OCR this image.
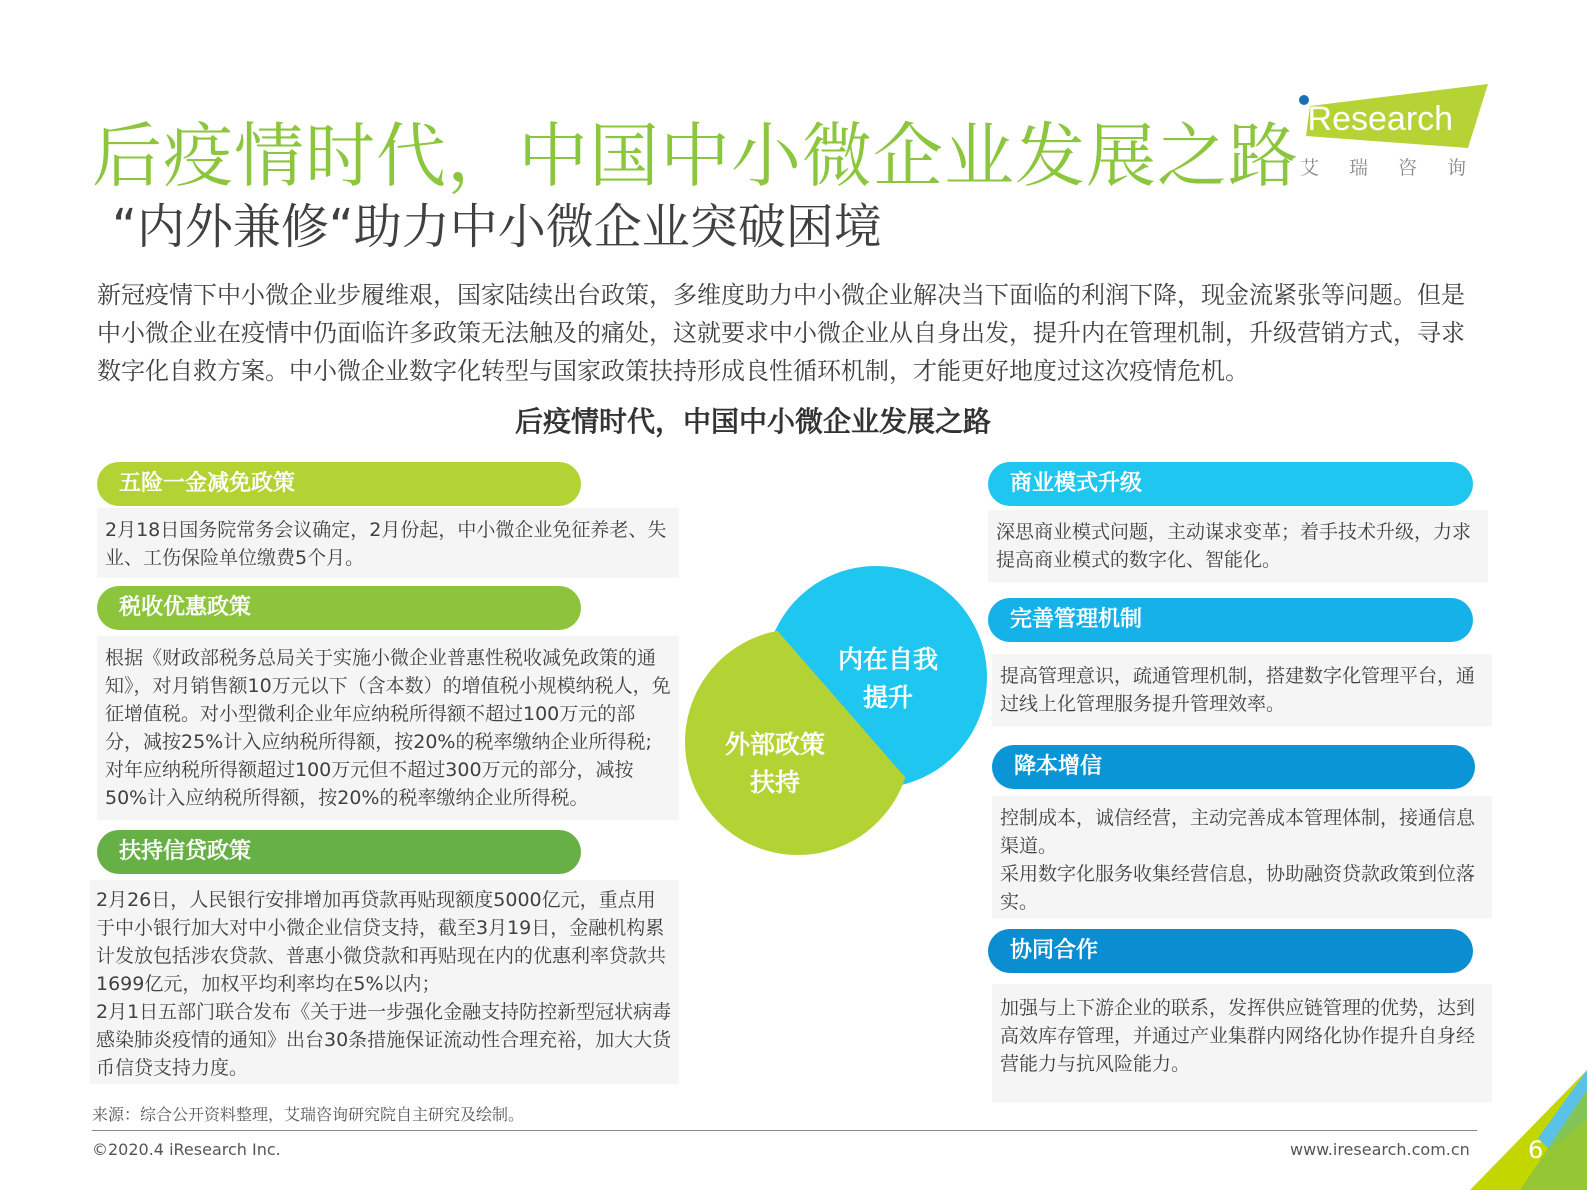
后疫情时代，中国中小微企业发展之路
“内外兼修“助力中小微企业突破困境
iResearch
艾瑞咨询
新冠疫情下中小微企业步履维艰，国家陆续出台政策，多维度助力中小微企业解决当下面临的利润下降，现金流紧张等问题。但是中小微企业在疫情中仍面临许多政策无法触及的痛处，这就要求中小微企业从自身出发，提升内在管理机制，升级营销方式，寻求数字化自救方案。中小微企业数字化转型与国家政策扶持形成良性循环机制，才能更好地度过这次疫情危机。
后疫情时代，中国中小微企业发展之路
五险一金减免政策
2月18日国务院常务会议确定，2月份起，中小微企业免征养老、失业、工伤保险单位缴费5个月。
税收优惠政策
根据《财政部税务总局关于实施小微企业普惠性税收减免政策的通知》，对月销售额10万元以下（含本数）的增值税小规模纳税人，免征增值税。对小型微利企业年应纳税所得额不超过100万元的部分，减按25%计入应纳税所得额，按20%的税率缴纳企业所得税; 对年应纳税所得额超过100万元但不超过300万元的部分，减按50%计入应纳税所得额，按20%的税率缴纳企业所得税。
扶持信贷政策
2月26日，人民银行安排增加再贷款再贴现额度5000亿元，重点用于中小银行加大对中小微企业信贷支持，截至3月19日，金融机构累计发放包括涉农贷款、普惠小微贷款和再贴现在内的优惠利率贷款共1699亿元，加权平均利率均在5%以内；
2月1日五部门联合发布《关于进一步强化金融支持防控新型冠状病毒感染肺炎疫情的通知》出台30条措施保证流动性合理充裕，加大大货币信贷支持力度。
内在自我
提升
外部政策
扶持
商业模式升级
深思商业模式问题，主动谋求变革；着手技术升级，力求提高商业模式的数字化、智能化。
完善管理机制
提高管理意识，疏通管理机制，搭建数字化管理平台，通过线上化管理服务提升管理效率。
降本增信
控制成本，诚信经营，主动完善成本管理体制，接通信息渠道。
采用数字化服务收集经营信息，协助融资贷款政策到位落实。
协同合作
加强与上下游企业的联系，发挥供应链管理的优势，达到高效库存管理，并通过产业集群内网络化协作提升自身经营能力与抗风险能力。
来源：综合公开资料整理，艾瑞咨询研究院自主研究及绘制。
©2020.4 iResearch Inc.	www.iresearch.com.cn 6
